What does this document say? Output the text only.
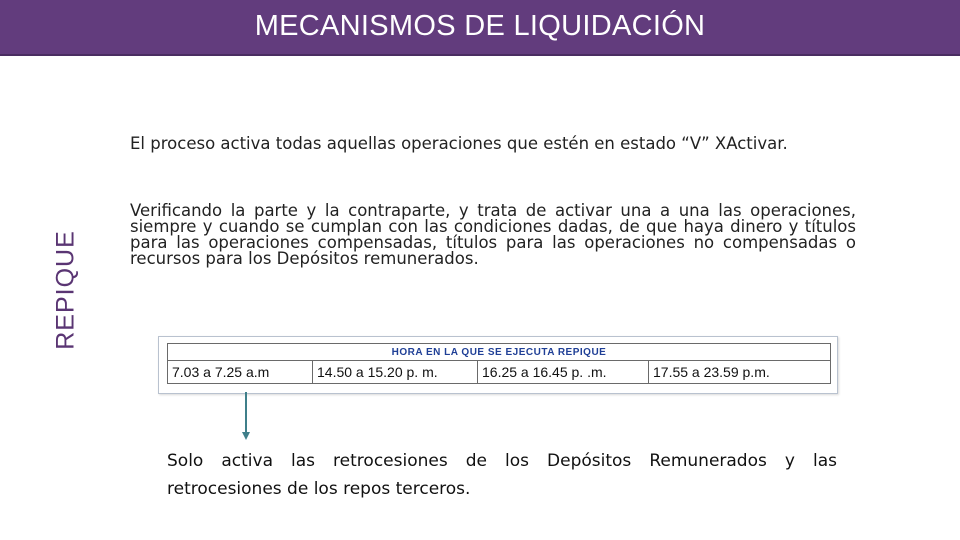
MECANISMOS DE LIQUIDACIÓN
REPIQUE
El proceso activa todas aquellas operaciones que estén en estado “V” XActivar.
Verificando la parte y la contraparte, y trata de activar una a una las operaciones, siempre y cuando se cumplan con las condiciones dadas, de que haya dinero y títulos para las operaciones compensadas, títulos para las operaciones no compensadas o recursos para los Depósitos remunerados.
HORA EN LA QUE SE EJECUTA REPIQUE
7.03 a 7.25 a.m	14.50 a 15.20 p. m.	16.25 a 16.45 p. .m.	17.55 a 23.59 p.m.
Solo activa las retrocesiones de los Depósitos Remunerados y las retrocesiones de los repos terceros.
